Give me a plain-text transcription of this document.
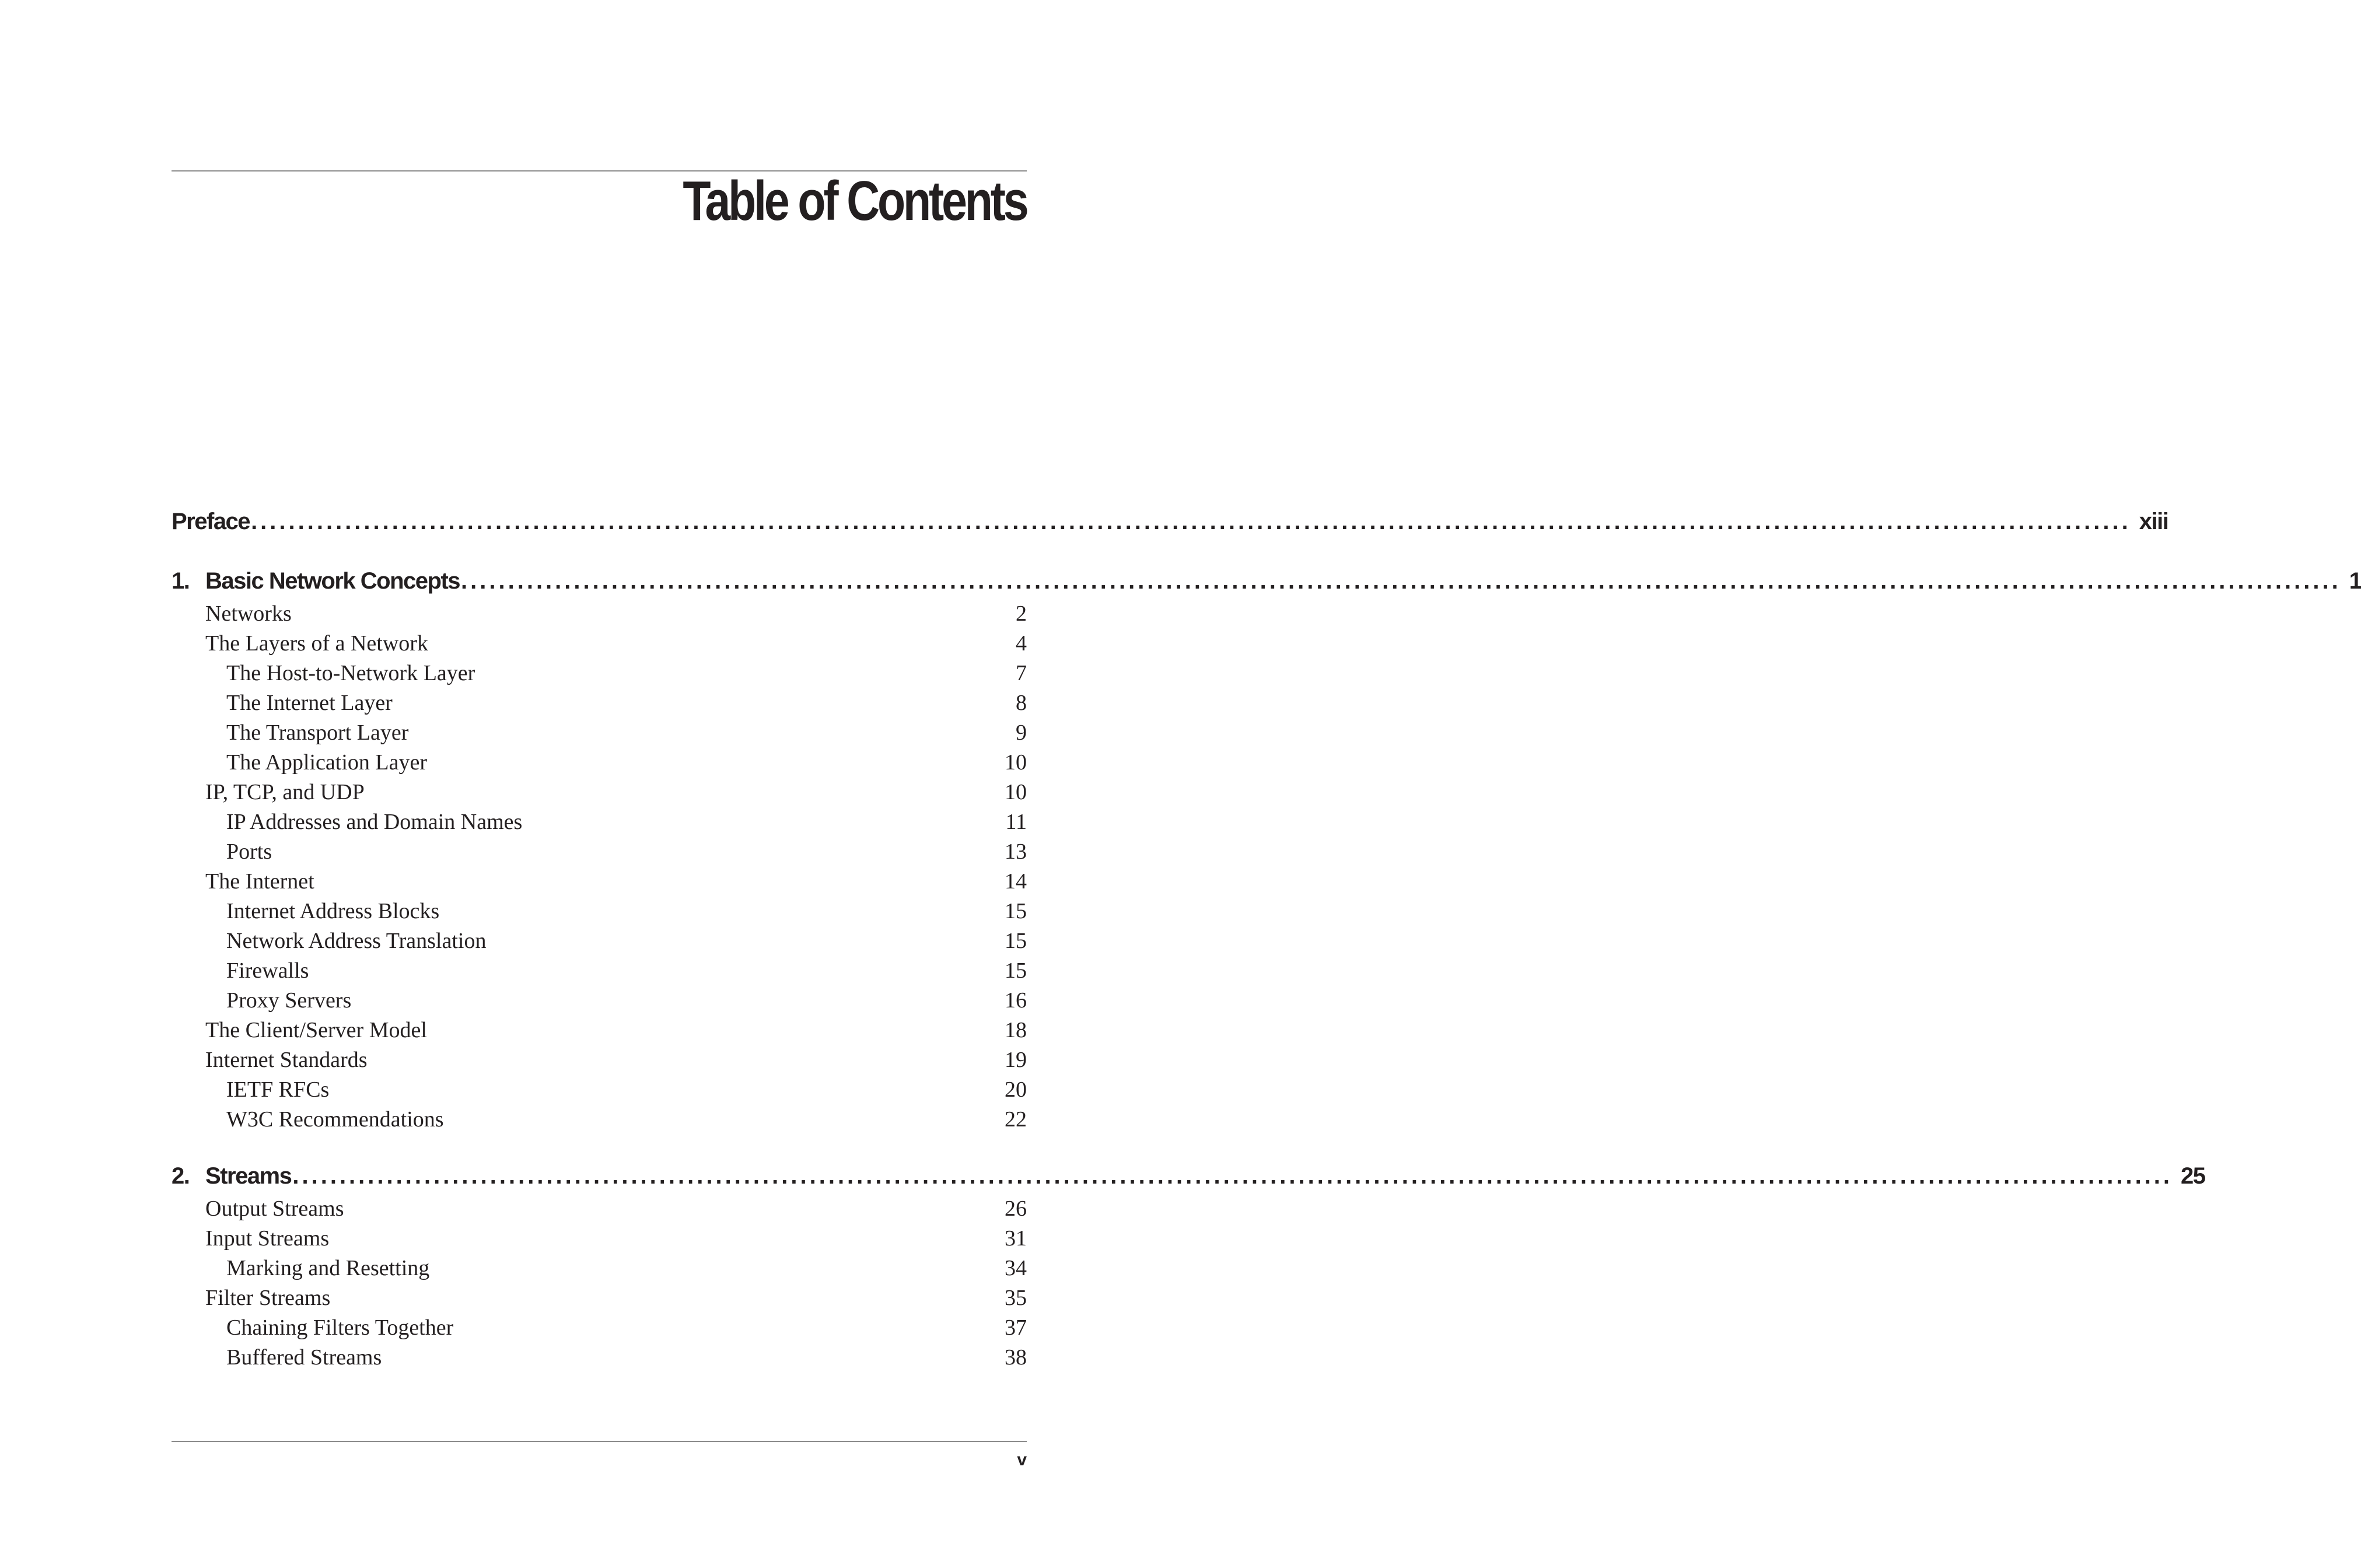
Table of Contents
Preface ........................................................................................................................................................................................................ xiii
1. Basic Network Concepts ........................................................................................................................................................................................................ 1
Networks	2
The Layers of a Network	4
The Host-to-Network Layer	7
The Internet Layer	8
The Transport Layer	9
The Application Layer	10
IP, TCP, and UDP	10
IP Addresses and Domain Names	11
Ports	13
The Internet	14
Internet Address Blocks	15
Network Address Translation	15
Firewalls	15
Proxy Servers	16
The Client/Server Model	18
Internet Standards	19
IETF RFCs	20
W3C Recommendations	22
2. Streams ........................................................................................................................................................................................................ 25
Output Streams	26
Input Streams	31
Marking and Resetting	34
Filter Streams	35
Chaining Filters Together	37
Buffered Streams	38
v
